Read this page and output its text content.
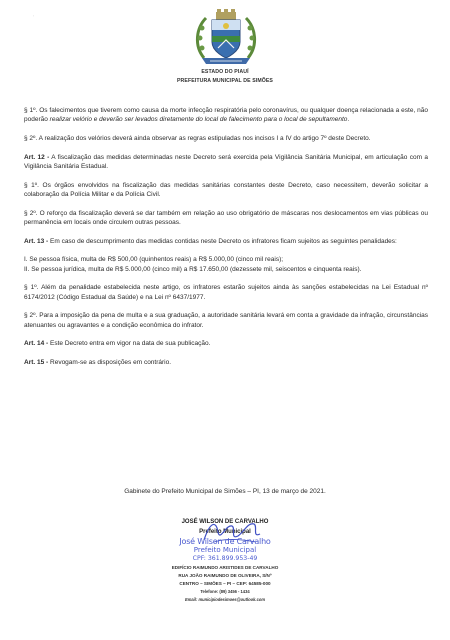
'
ESTADO DO PIAUÍ
PREFEITURA MUNICIPAL DE SIMÕES

§ 1º. Os falecimentos que tiverem como causa da morte infecção respiratória pelo coronavírus, ou qualquer doença relacionada a este, não poderão realizar velório e deverão ser levados diretamente do local de falecimento para o local de sepultamento.

§ 2º. A realização dos velórios deverá ainda observar as regras estipuladas nos incisos I a IV do artigo 7º deste Decreto.

Art. 12 - A fiscalização das medidas determinadas neste Decreto será exercida pela Vigilância Sanitária Municipal, em articulação com a Vigilância Sanitária Estadual.

§ 1º. Os órgãos envolvidos na fiscalização das medidas sanitárias constantes deste Decreto, caso necessitem, deverão solicitar a colaboração da Polícia Militar e da Polícia Civil.

§ 2º. O reforço da fiscalização deverá se dar também em relação ao uso obrigatório de máscaras nos deslocamentos em vias públicas ou permanência em locais onde circulem outras pessoas.

Art. 13 - Em caso de descumprimento das medidas contidas neste Decreto os infratores ficam sujeitos as seguintes penalidades:

I. Se pessoa física, multa de R$ 500,00 (quinhentos reais) a R$ 5.000,00 (cinco mil reais);

II. Se pessoa jurídica, multa de R$ 5.000,00 (cinco mil) a R$ 17.650,00 (dezessete mil, seiscentos e cinquenta reais).

§ 1º. Além da penalidade estabelecida neste artigo, os infratores estarão sujeitos ainda às sanções estabelecidas na Lei Estadual nº 6174/2012 (Código Estadual da Saúde) e na Lei nº 6437/1977.

§ 2º. Para a imposição da pena de multa e a sua graduação, a autoridade sanitária levará em conta a gravidade da infração, circunstâncias atenuantes ou agravantes e a condição econômica do infrator.

Art. 14 - Este Decreto entra em vigor na data de sua publicação.

Art. 15 - Revogam-se as disposições em contrário.

Gabinete do Prefeito Municipal de Simões – PI, 13 de março de 2021.
JOSÉ WILSON DE CARVALHO
Prefeito Municipal
José Wilson de Carvalho
Prefeito Municipal
CPF: 361.899.953-49
EDIFÍCIO RAIMUNDO ARISTIDES DE CARVALHO
RUA JOÃO RAIMUNDO DE OLIVEIRA, S/Nº
CENTRO – SIMÕES – PI – CEP: 64585-000
Telefone: (89) 3456 - 1434
Email: municipiodesimoes@outlook.com
